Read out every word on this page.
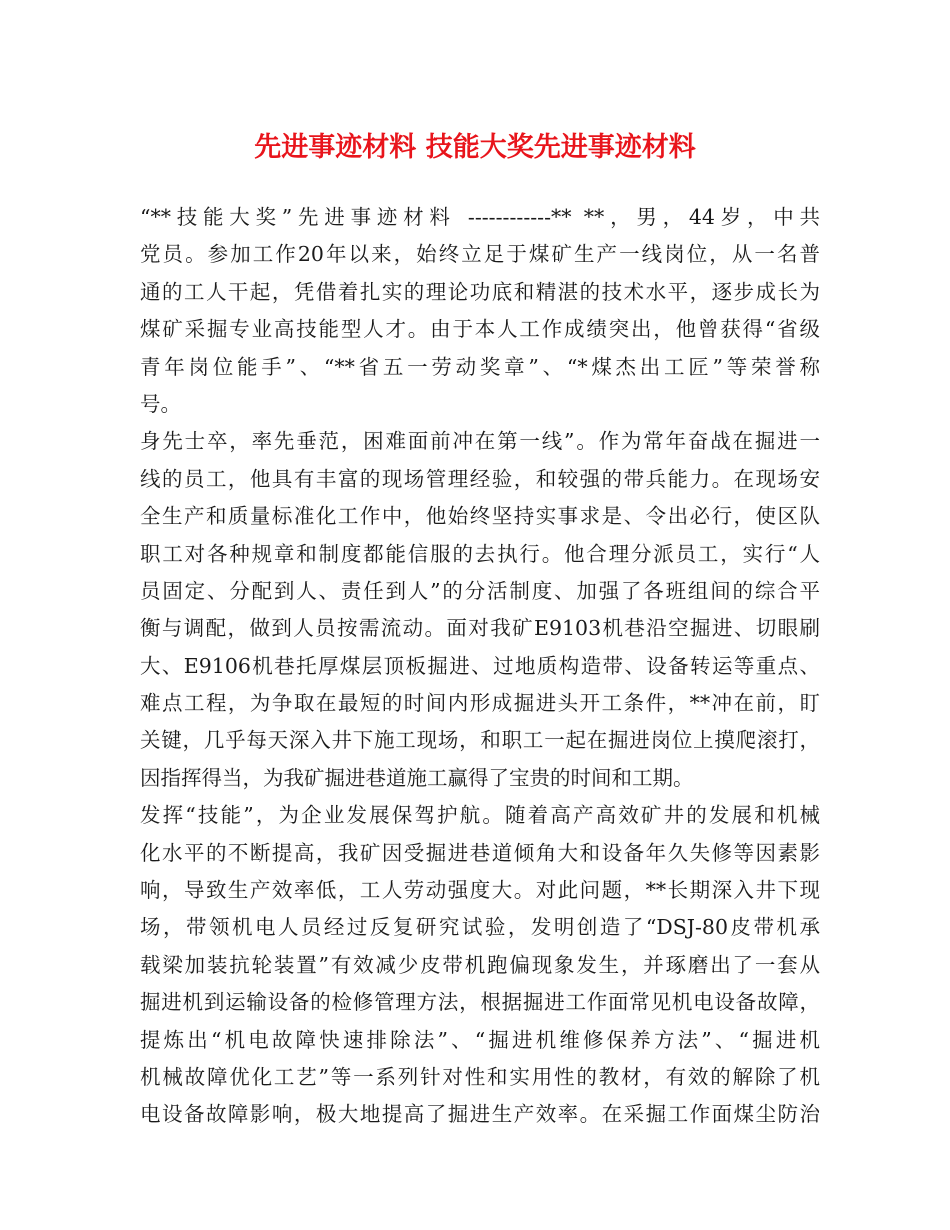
先进事迹材料 技能大奖先进事迹材料
“**技能大奖”先进事迹材料 ------------** **，男，44岁，中共
党员。参加工作20年以来，始终立足于煤矿生产一线岗位，从一名普
通的工人干起，凭借着扎实的理论功底和精湛的技术水平，逐步成长为
煤矿采掘专业高技能型人才。由于本人工作成绩突出，他曾获得“省级
青年岗位能手”、“**省五一劳动奖章”、“*煤杰出工匠”等荣誉称
号。
身先士卒，率先垂范，困难面前冲在第一线”。作为常年奋战在掘进一
线的员工，他具有丰富的现场管理经验，和较强的带兵能力。在现场安
全生产和质量标准化工作中，他始终坚持实事求是、令出必行，使区队
职工对各种规章和制度都能信服的去执行。他合理分派员工，实行“人
员固定、分配到人、责任到人”的分活制度、加强了各班组间的综合平
衡与调配，做到人员按需流动。面对我矿E9103机巷沿空掘进、切眼刷
大、E9106机巷托厚煤层顶板掘进、过地质构造带、设备转运等重点、
难点工程，为争取在最短的时间内形成掘进头开工条件，**冲在前，盯
关键，几乎每天深入井下施工现场，和职工一起在掘进岗位上摸爬滚打，
因指挥得当，为我矿掘进巷道施工赢得了宝贵的时间和工期。
发挥“技能”，为企业发展保驾护航。随着高产高效矿井的发展和机械
化水平的不断提高，我矿因受掘进巷道倾角大和设备年久失修等因素影
响，导致生产效率低，工人劳动强度大。对此问题，**长期深入井下现
场，带领机电人员经过反复研究试验，发明创造了“DSJ-80皮带机承
载梁加装抗轮装置”有效减少皮带机跑偏现象发生，并琢磨出了一套从
掘进机到运输设备的检修管理方法，根据掘进工作面常见机电设备故障，
提炼出“机电故障快速排除法”、“掘进机维修保养方法”、“掘进机
机械故障优化工艺”等一系列针对性和实用性的教材，有效的解除了机
电设备故障影响，极大地提高了掘进生产效率。在采掘工作面煤尘防治
